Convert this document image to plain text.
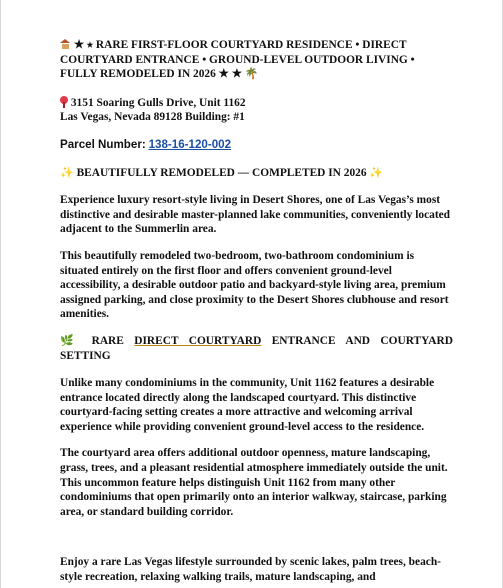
★ ⭑ RARE FIRST-FLOOR COURTYARD RESIDENCE • DIRECT COURTYARD ENTRANCE • GROUND-LEVEL OUTDOOR LIVING • FULLY REMODELED IN 2026 ★ ★ 🌴

3151 Soaring Gulls Drive, Unit 1162
Las Vegas, Nevada 89128 Building: #1

Parcel Number: 138-16-120-002

✨ BEAUTIFULLY REMODELED — COMPLETED IN 2026 ✨

Experience luxury resort-style living in Desert Shores, one of Las Vegas’s most distinctive and desirable master-planned lake communities, conveniently located adjacent to the Summerlin area.

This beautifully remodeled two-bedroom, two-bathroom condominium is situated entirely on the first floor and offers convenient ground-level accessibility, a desirable outdoor patio and backyard-style living area, premium assigned parking, and close proximity to the Desert Shores clubhouse and resort amenities.

🌿 RARE DIRECT COURTYARD ENTRANCE AND COURTYARD SETTING

Unlike many condominiums in the community, Unit 1162 features a desirable entrance located directly along the landscaped courtyard. This distinctive courtyard-facing setting creates a more attractive and welcoming arrival experience while providing convenient ground-level access to the residence.

The courtyard area offers additional outdoor openness, mature landscaping, grass, trees, and a pleasant residential atmosphere immediately outside the unit. This uncommon feature helps distinguish Unit 1162 from many other condominiums that open primarily onto an interior walkway, staircase, parking area, or standard building corridor.

Enjoy a rare Las Vegas lifestyle surrounded by scenic lakes, palm trees, beach-style recreation, relaxing walking trails, mature landscaping, and
